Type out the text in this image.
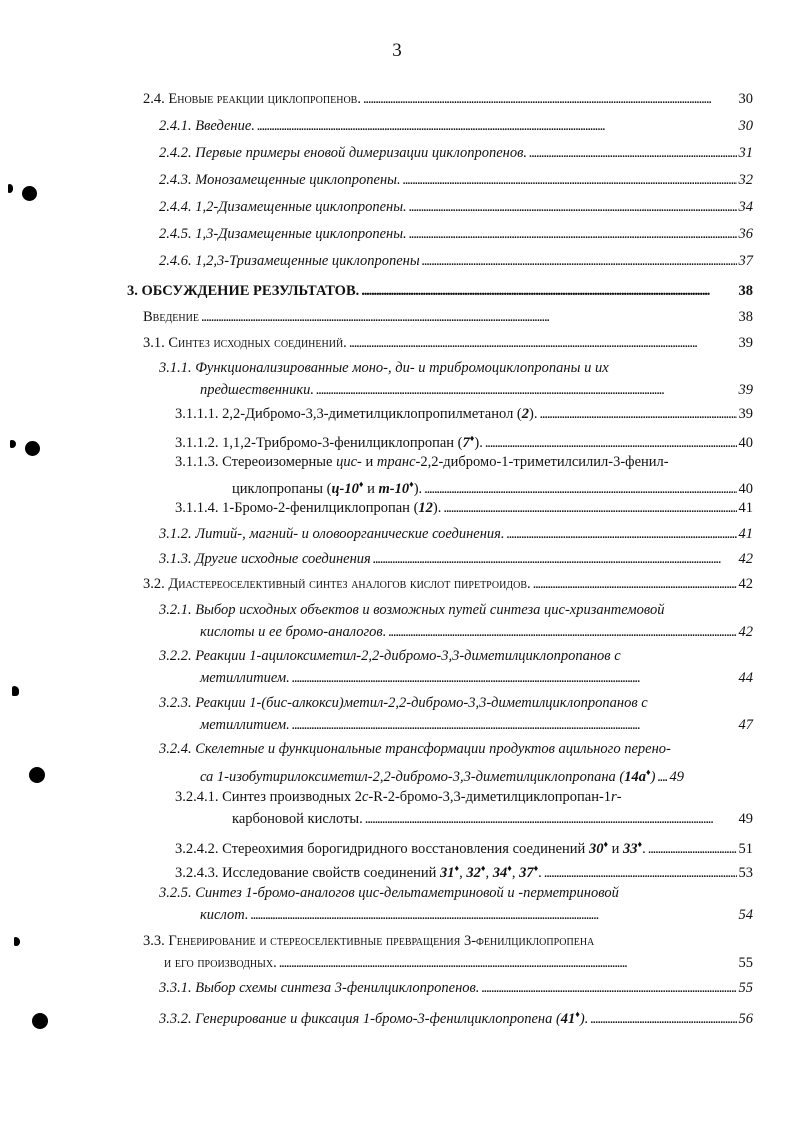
3
2.4. Еновые реакции циклопропенов. . . .	30
2.4.1. Введение. . . .	30
2.4.2. Первые примеры еновой димеризации циклопропенов. . . .	31
2.4.3. Монозамещенные циклопропены. . . .	32
2.4.4. 1,2-Дизамещенные циклопропены. . . .	34
2.4.5. 1,3-Дизамещенные циклопропены. . . .	36
2.4.6. 1,2,3-Тризамещенные циклопропены . . .	37
3. ОБСУЖДЕНИЕ РЕЗУЛЬТАТОВ. . . .	38
Введение . . .	38
3.1. Синтез исходных соединений. . . .	39
3.1.1. Функционализированные моно-, ди- и трибромоциклопропаны и их
предшественники. . . .	39
3.1.1.1. 2,2-Дибромо-3,3-диметилциклопропилметанол (2). . . .	39
3.1.1.2. 1,1,2-Трибромо-3-фенилциклопропан (7♦). . . .	40
3.1.1.3. Стереоизомерные цис- и транс-2,2-дибромо-1-триметилсилил-3-фенил-
циклопропаны (ц-10♦ и т-10♦). . . .	40
3.1.1.4. 1-Бромо-2-фенилциклопропан (12). . . .	41
3.1.2. Литий-, магний- и оловоорганические соединения. . . .	41
3.1.3. Другие исходные соединения . . .	42
3.2. Диастереоселективный синтез аналогов кислот пиретроидов. . . .	42
3.2.1. Выбор исходных объектов и возможных путей синтеза цис-хризантемовой
кислоты и ее бромо-аналогов. . . .	42
3.2.2. Реакции 1-ацилоксиметил-2,2-дибромо-3,3-диметилциклопропанов с
метиллитием. . . .	44
3.2.3. Реакции 1-(бис-алкокси)метил-2,2-дибромо-3,3-диметилциклопропанов с
метиллитием. . . .	47
3.2.4. Скелетные и функциональные трансформации продуктов ацильного перено-
са 1-изобутирилоксиметил-2,2-дибромо-3,3-диметилциклопропана (14a♦) . . . 49
3.2.4.1. Синтез производных 2c-R-2-бромо-3,3-диметилциклопропан-1r-
карбоновой кислоты. . . .	49
3.2.4.2. Стереохимия борогидридного восстановления соединений 30♦ и 33♦. . . .	51
3.2.4.3. Исследование свойств соединений 31♦, 32♦, 34♦, 37♦. . . .	53
3.2.5. Синтез 1-бромо-аналогов цис-дельтаметриновой и -перметриновой
кислот. . . .	54
3.3. Генерирование и стереоселективные превращения 3-фенилциклопропена
и его производных. . . .	55
3.3.1. Выбор схемы синтеза 3-фенилциклопропенов. . . .	55
3.3.2. Генерирование и фиксация 1-бромо-3-фенилциклопропена (41♦). . . .	56
